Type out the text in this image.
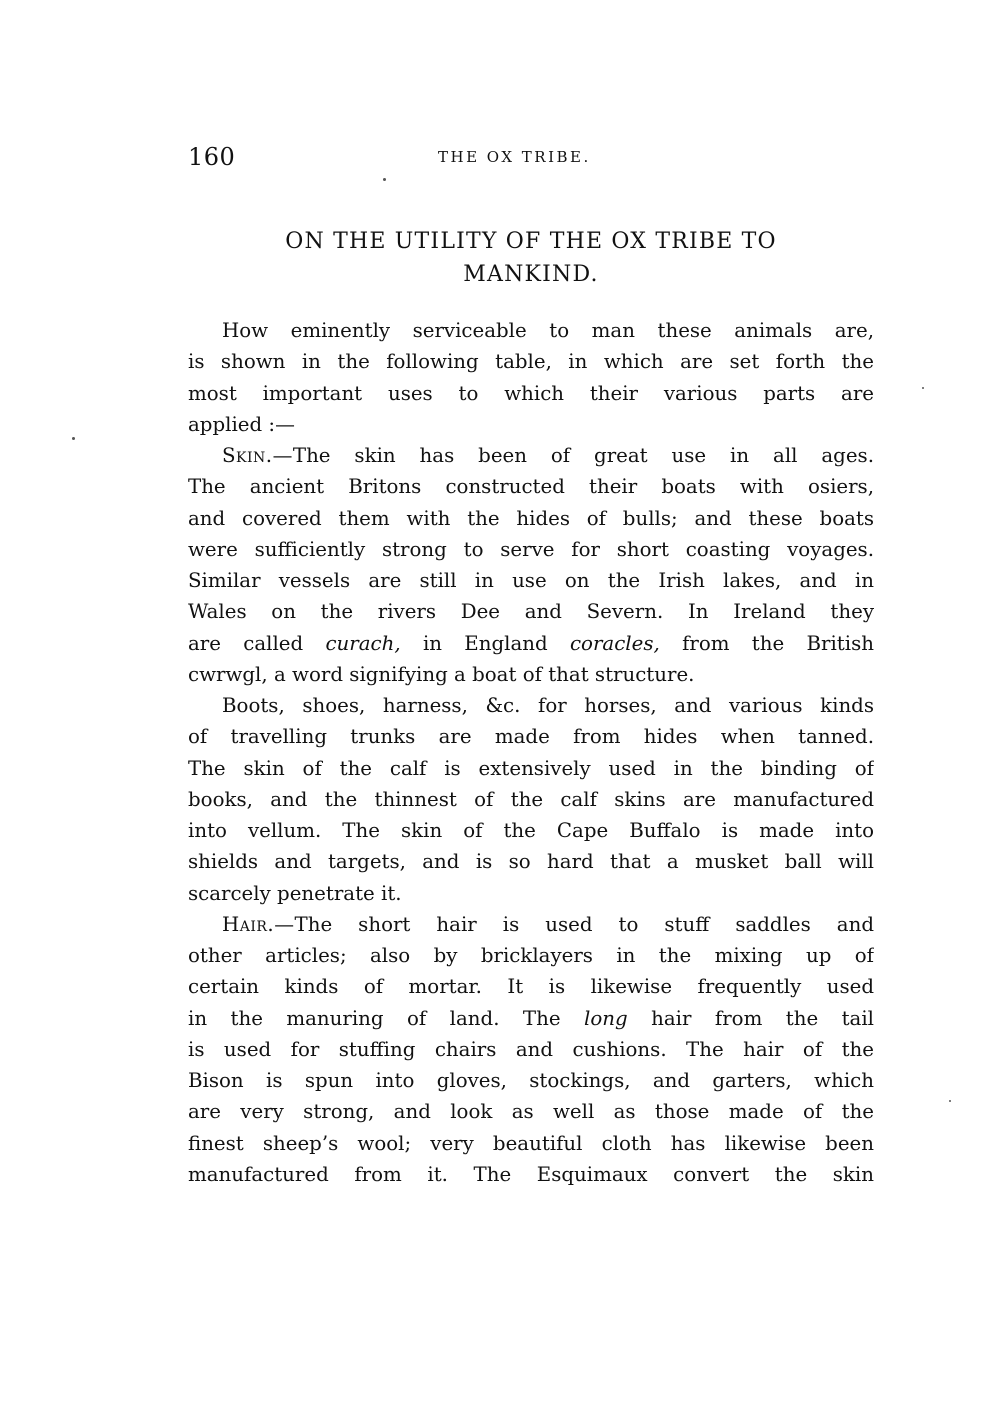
160	THE OX TRIBE.
ON THE UTILITY OF THE OX TRIBE TO
MANKIND.
How eminently serviceable to man these animals are,
is shown in the following table, in which are set forth the
most important uses to which their various parts are
applied :—
Skin.—The skin has been of great use in all ages.
The ancient Britons constructed their boats with osiers,
and covered them with the hides of bulls; and these boats
were sufficiently strong to serve for short coasting voyages.
Similar vessels are still in use on the Irish lakes, and in
Wales on the rivers Dee and Severn. In Ireland they
are called curach, in England coracles, from the British
cwrwgl, a word signifying a boat of that structure.
Boots, shoes, harness, &c. for horses, and various kinds
of travelling trunks are made from hides when tanned.
The skin of the calf is extensively used in the binding of
books, and the thinnest of the calf skins are manufactured
into vellum. The skin of the Cape Buffalo is made into
shields and targets, and is so hard that a musket ball will
scarcely penetrate it.
Hair.—The short hair is used to stuff saddles and
other articles; also by bricklayers in the mixing up of
certain kinds of mortar. It is likewise frequently used
in the manuring of land. The long hair from the tail
is used for stuffing chairs and cushions. The hair of the
Bison is spun into gloves, stockings, and garters, which
are very strong, and look as well as those made of the
finest sheep’s wool; very beautiful cloth has likewise been
manufactured from it. The Esquimaux convert the skin
